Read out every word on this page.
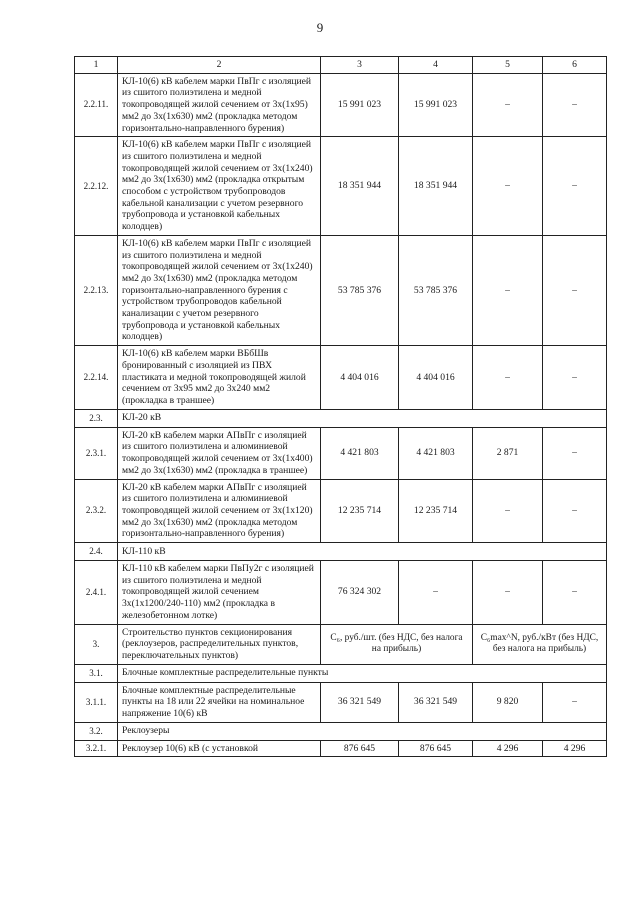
9
1	2	3	4	5	6
2.2.11.	КЛ-10(6) кВ кабелем марки ПвПг с изоляцией из сшитого полиэтилена и медной токопроводящей жилой сечением от 3х(1х95) мм2 до 3х(1х630) мм2 (прокладка методом горизонтально-направленного бурения)	15 991 023	15 991 023	–	–
2.2.12.	КЛ-10(6) кВ кабелем марки ПвПг с изоляцией из сшитого полиэтилена и медной токопроводящей жилой сечением от 3х(1х240) мм2 до 3х(1х630) мм2 (прокладка открытым способом с устройством трубопроводов кабельной канализации с учетом резервного трубопровода и установкой кабельных колодцев)	18 351 944	18 351 944	–	–
2.2.13.	КЛ-10(6) кВ кабелем марки ПвПг с изоляцией из сшитого полиэтилена и медной токопроводящей жилой сечением от 3х(1х240) мм2 до 3х(1х630) мм2 (прокладка методом горизонтально-направленного бурения с устройством трубопроводов кабельной канализации с учетом резервного трубопровода и установкой кабельных колодцев)	53 785 376	53 785 376	–	–
2.2.14.	КЛ-10(6) кВ кабелем марки ВБбШв бронированный с изоляцией из ПВХ пластиката и медной токопроводящей жилой сечением от 3х95 мм2 до 3х240 мм2 (прокладка в траншее)	4 404 016	4 404 016	–	–
2.3.	КЛ-20 кВ				
2.3.1.	КЛ-20 кВ кабелем марки АПвПг с изоляцией из сшитого полиэтилена и алюминиевой токопроводящей жилой сечением от 3х(1х400) мм2 до 3х(1х630) мм2 (прокладка в траншее)	4 421 803	4 421 803	2 871	–
2.3.2.	КЛ-20 кВ кабелем марки АПвПг с изоляцией из сшитого полиэтилена и алюминиевой токопроводящей жилой сечением от 3х(1х120) мм2 до 3х(1х630) мм2 (прокладка методом горизонтально-направленного бурения)	12 235 714	12 235 714	–	–
2.4.	КЛ-110 кВ				
2.4.1.	КЛ-110 кВ кабелем марки ПвПу2г с изоляцией из сшитого полиэтилена и медной токопроводящей жилой сечением 3х(1х1200/240-110) мм2 (прокладка в железобетонном лотке)	76 324 302	–	–	–
3.	Строительство пунктов секционирования (реклоузеров, распределительных пунктов, переключательных пунктов)	C₆, руб./шт. (без НДС, без налога на прибыль)		C₆max^N, руб./кВт (без НДС, без налога на прибыль)	
3.1.	Блочные комплектные распределительные пункты				
3.1.1.	Блочные комплектные распределительные пункты на 18 или 22 ячейки на номинальное напряжение 10(6) кВ	36 321 549	36 321 549	9 820	–
3.2.	Реклоузеры				
3.2.1.	Реклоузер 10(6) кВ (с установкой	876 645	876 645	4 296	4 296
